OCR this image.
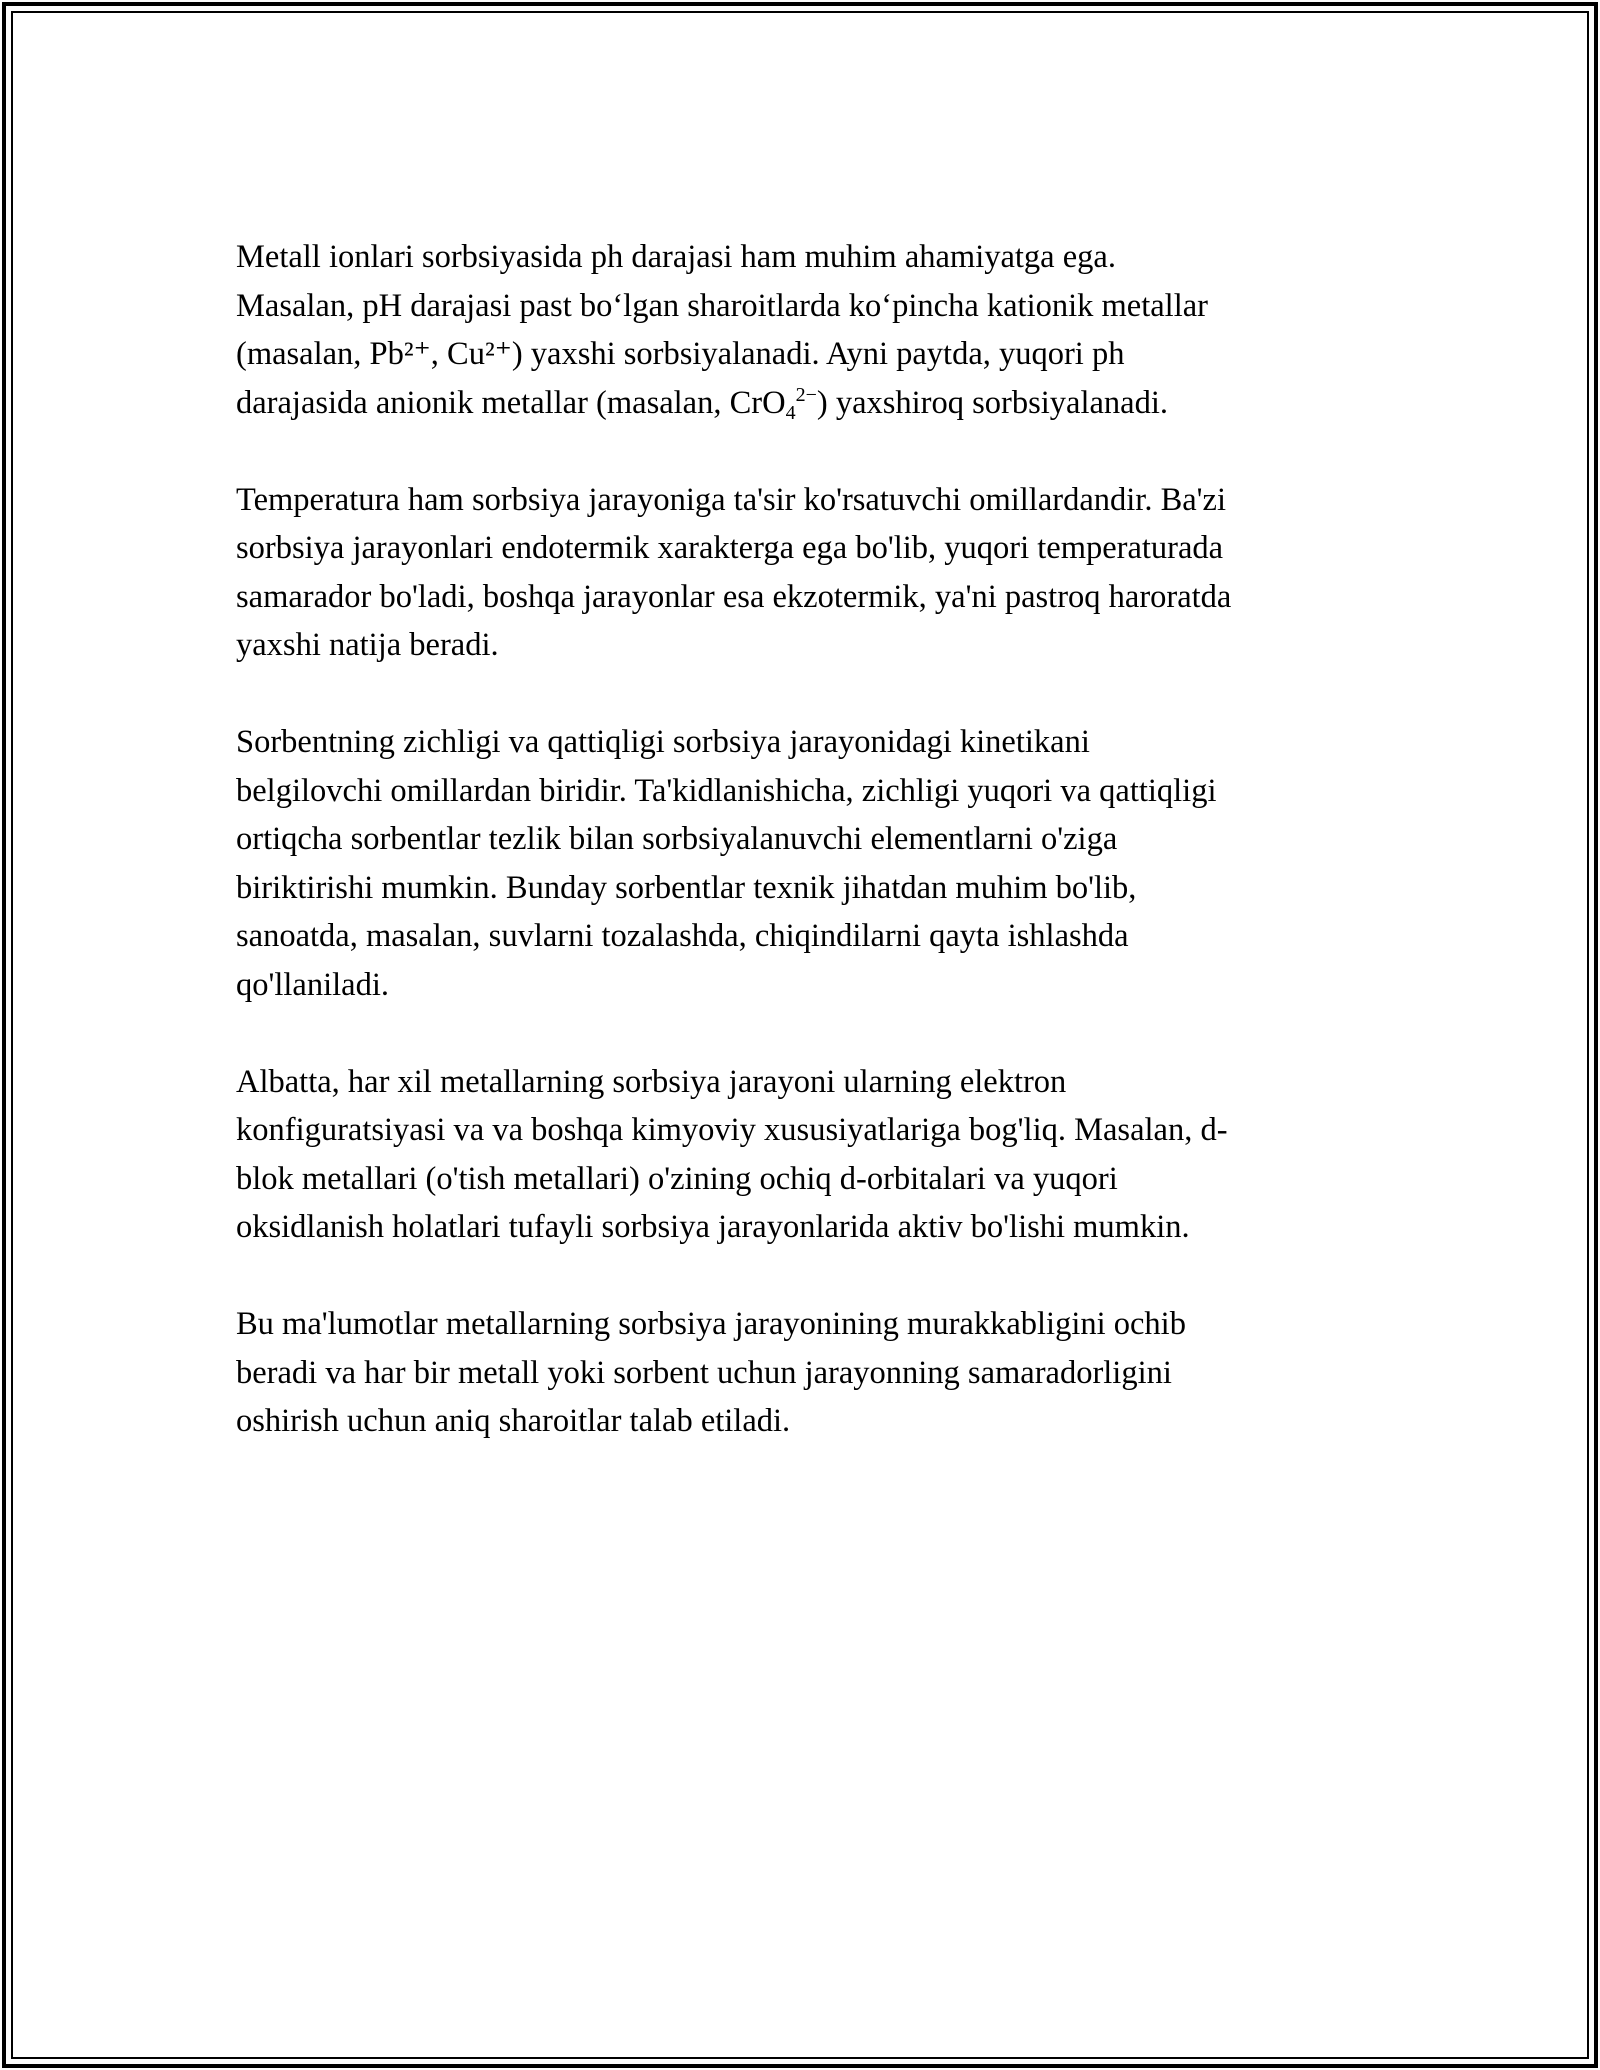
Metall ionlari sorbsiyasida ph darajasi ham muhim ahamiyatga ega.
Masalan, pH darajasi past bo‘lgan sharoitlarda ko‘pincha kationik metallar
(masalan, Pb²⁺, Cu²⁺) yaxshi sorbsiyalanadi. Ayni paytda, yuqori ph
darajasida anionik metallar (masalan, CrO$_4^{2-}$) yaxshiroq sorbsiyalanadi.

Temperatura ham sorbsiya jarayoniga ta'sir ko'rsatuvchi omillardandir. Ba'zi
sorbsiya jarayonlari endotermik xarakterga ega bo'lib, yuqori temperaturada
samarador bo'ladi, boshqa jarayonlar esa ekzotermik, ya'ni pastroq haroratda
yaxshi natija beradi.

Sorbentning zichligi va qattiqligi sorbsiya jarayonidagi kinetikani
belgilovchi omillardan biridir. Ta'kidlanishicha, zichligi yuqori va qattiqligi
ortiqcha sorbentlar tezlik bilan sorbsiyalanuvchi elementlarni o'ziga
biriktirishi mumkin. Bunday sorbentlar texnik jihatdan muhim bo'lib,
sanoatda, masalan, suvlarni tozalashda, chiqindilarni qayta ishlashda
qo'llaniladi.

Albatta, har xil metallarning sorbsiya jarayoni ularning elektron
konfiguratsiyasi va va boshqa kimyoviy xususiyatlariga bog'liq. Masalan, d-
blok metallari (o'tish metallari) o'zining ochiq d-orbitalari va yuqori
oksidlanish holatlari tufayli sorbsiya jarayonlarida aktiv bo'lishi mumkin.

Bu ma'lumotlar metallarning sorbsiya jarayonining murakkabligini ochib
beradi va har bir metall yoki sorbent uchun jarayonning samaradorligini
oshirish uchun aniq sharoitlar talab etiladi.
